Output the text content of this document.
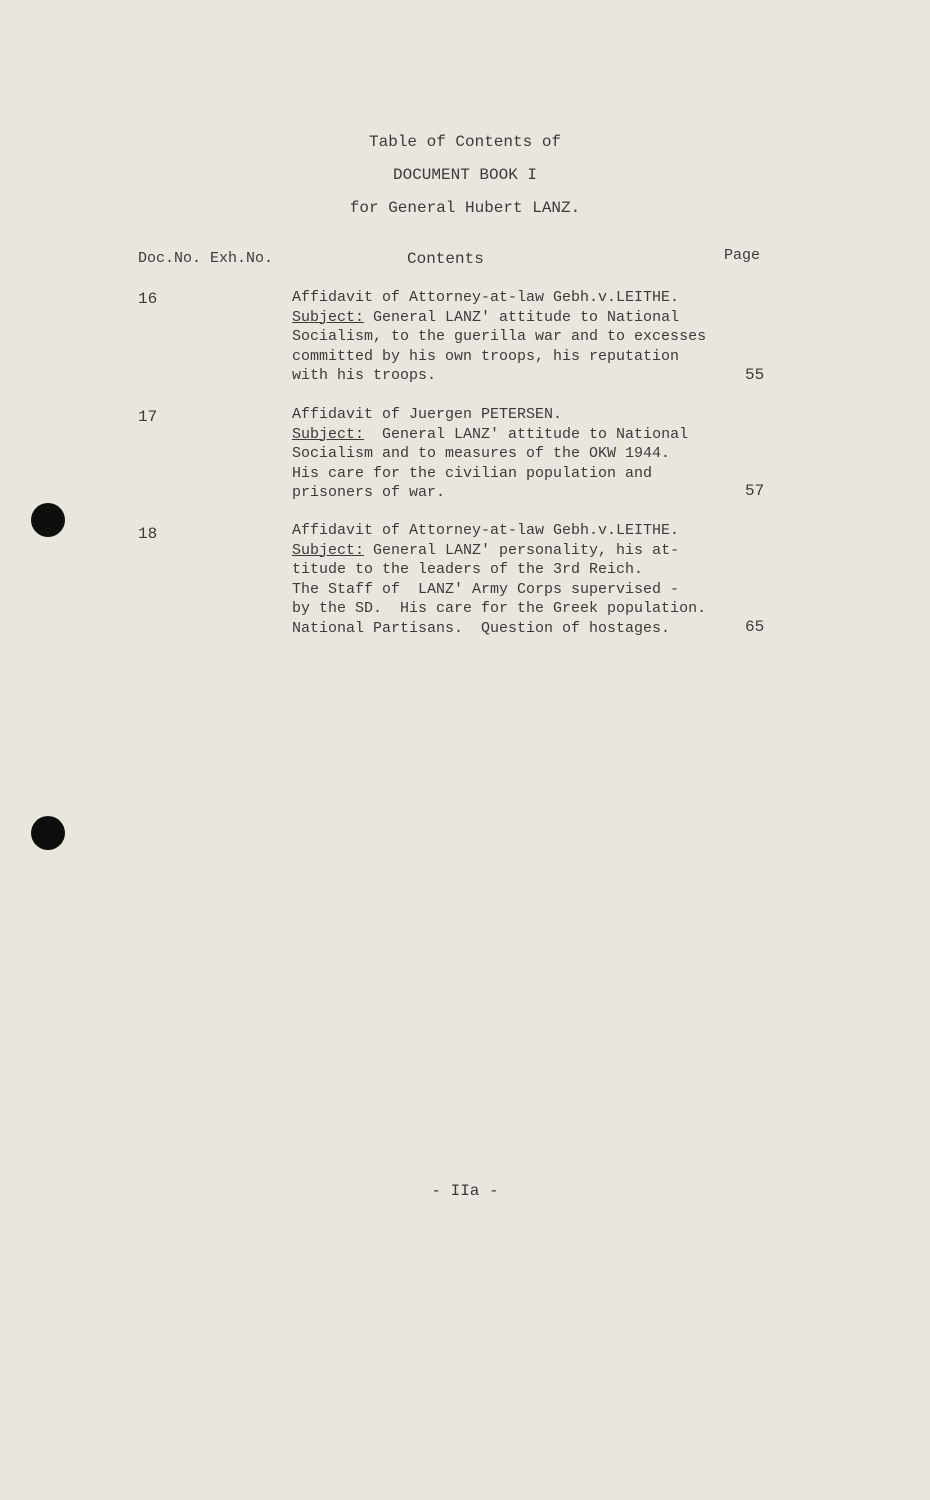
Table of Contents of
DOCUMENT BOOK I
for General Hubert LANZ.
Doc.No. Exh.No.	Contents	Page
16	Affidavit of Attorney-at-law Gebh.v.LEITHE.
Subject: General LANZ' attitude to National
Socialism, to the guerilla war and to excesses
committed by his own troops, his reputation
with his troops.	55
17	Affidavit of Juergen PETERSEN.
Subject:  General LANZ' attitude to National
Socialism and to measures of the OKW 1944.
His care for the civilian population and
prisoners of war.	57
18	Affidavit of Attorney-at-law Gebh.v.LEITHE.
Subject: General LANZ' personality, his at-
titude to the leaders of the 3rd Reich.
The Staff of  LANZ' Army Corps supervised -
by the SD.  His care for the Greek population.
National Partisans.  Question of hostages.	65
- IIa -
